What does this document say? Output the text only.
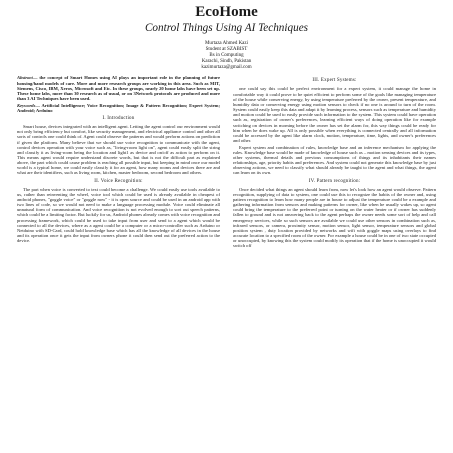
EcoHome
Control Things Using AI Techniques
Murtaza Ahmed Kazi
Student at SZABIST
Bs in Computing
Karachi, Sindh, Pakistan
kazimurtaza@gmail.com

Abstract— the concept of Smart Homes using AI plays an important role in the planning of future housing/hand models of care. More and more research groups are working in this area. Such as MIT, Siemens, Cisco, IBM, Xerox, Microsoft and Etc. In these groups, nearly 20 home labs have been set up. These home labs, more than 30 research as of usual, or on 3Network protocols are produced and more than 3 AI Techniques have been used.

Keywords— Artificial Intelligence; Voice Recognition; Image & Pattern Recognition; Expert System; Android; Arduino

I. Introduction

Smart house, devices integrated with an intelligent agent. Letting the agent control our environment would not only bring efficiency but comfort, like security management, and electrical appliance control and other all sorts of controls one could think of. Agent could observe the patterns and would perform actions on prediction if given the platform. Many believe that we should use voice recognition to communicate with the agent, control devices operation with your voice such as, "living-room light on", agent could easily split the string and classify it as living-room being the location and light1 as device and on/off as action to perform on it. This means agent would require understand discrete words, but that is not the difficult part as explained above, the part which could cause problem is reaching all possible input, but keeping in mind once our model world is a typical home, we could easily classify it for an agent, how many rooms and devices there are and what are their identifiers, such as living room, kitchen, master bedroom, second bedroom and others.

II. Voice Recognition:

The part when voice is converted to text could become a challenge. We could easily use tools available to us, rather than reinventing the wheel, voice tool which could be used is already available in cheapest of android phones, "goggle voice" or "goggle now" - it is open source and could be used in an android app with two lines of code, so we would not need to make a language processing module. Voice could eliminate all unnatural form of communication. And voice recognition is not evolved enough to sort out speech patterns, which could be a limiting factor. But luckily for us, Android phones already comes with voice recognition and processing framework, which could be used to take input from user and send to a agent which would be connected to all the devices, where as a agent could be a computer or a micro-controller such as Arduino or Netduino with SD-Card, could hold knowledge base which has all the knowledge of all devices in the house and its operation once it gets the input from owners phone it could then send out the preferred action to the device.

III. Expert Systems:

one could say this could be perfect environment for a expert system, it could manage the home in comfortable way it could prove to be quiet efficient to perform some of the goals like managing temperature of the house while conserving energy, by using temperature preferred by the owner, present temperature, and humidity data or conserving energy using motion sensors to check if no one is around to turn of the room. System could easily keep this data and adapt it by learning process, sensors such as temperature and humidity and motion could be used to easily provide such information to the system. This system could have operation such as, registration of owner's preferences, learning efficient ways of doing operation like for example switching on devices in morning before the owner has set the alarm for, this way things could be ready for him when he does wake up. All is only possible when everything is connected centrally and all information could be accessed by the agent like alarm clock, motion, temperature, time, lights, and owner's preferences and other.

Expert system and combination of rules, knowledge base and an inference mechanism for applying the rules. Knowledge base would be made of knowledge of house such as – motion sensing devices and its types, other systems, thermal details and previous consumptions of things and its inhabitants their names relationships, age, priority habits and preferences. And system could not generate this knowledge base by just observing actions, we need to classify what should already be taught to the agent and what things, the agent can learn on its own.

IV. Pattern recognition:

Once decided what things an agent should learn from, now let's look how an agent would observe. Pattern recognition, supplying of data to system, one could use this to recognize the habits of the owner and, using pattern recognition to learn how many people are in house to adjust the temperature could be a example and gathering information from sensors and making patterns for owner, like when he usually wakes up, so agent could bring the temperature to the preferred point or turning on the water heater or if owner has suddenly fallen to ground and is not answering back to the agent perhaps the owner needs some sort of help and call emergency services, while so such sensors are available we could use other sensors in combination such as, infrared sensors, or camera, proximity sensor, motion sensor, light sensor, temperature sensors and global position system , duty location provided by networks and wifi with goggle maps using overlays to find accurate location to a specified room of the owner. For example a house could be in one of two state occupied or unoccupied, by knowing this the system could modify its operation that if the home is unoccupied it would switch off
